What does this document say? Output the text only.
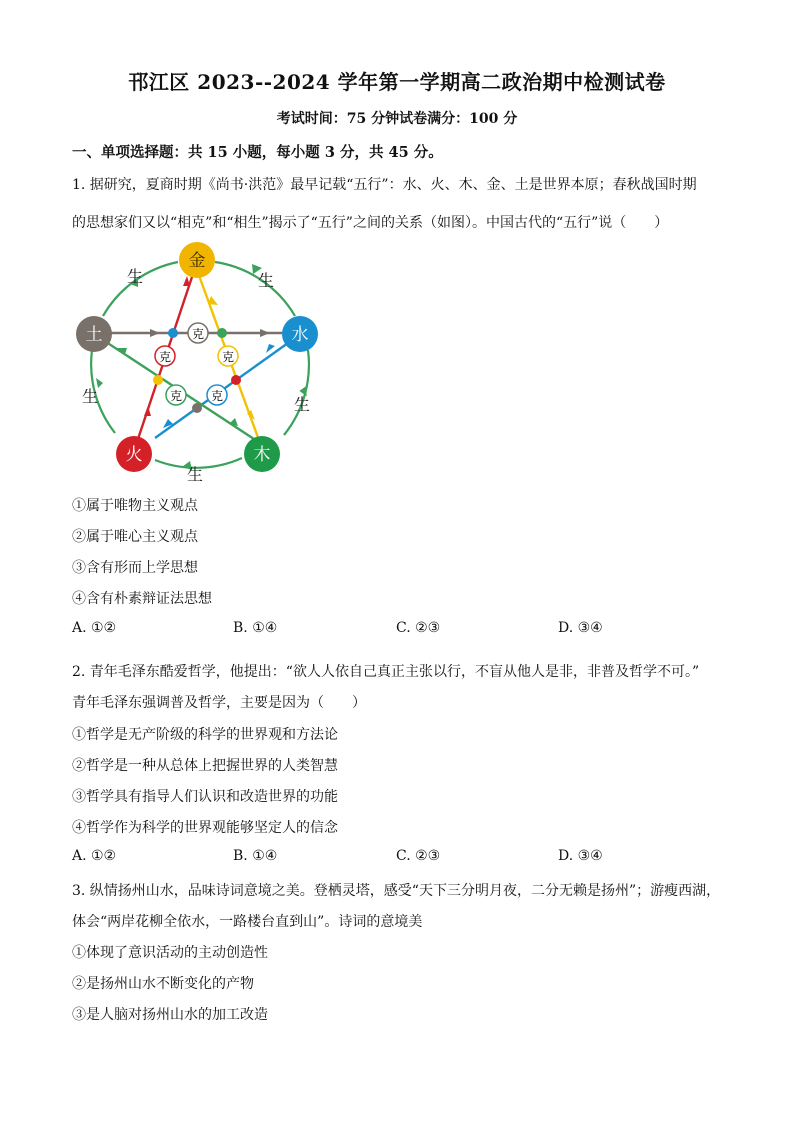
邗江区 2023--2024 学年第一学期高二政治期中检测试卷
考试时间：75 分钟试卷满分：100 分
一、单项选择题：共 15 小题，每小题 3 分，共 45 分。
1. 据研究，夏商时期《尚书·洪范》最早记载“五行”：水、火、木、金、土是世界本原；春秋战国时期
的思想家们又以“相克”和“相生”揭示了“五行”之间的关系（如图）。中国古代的“五行”说（　　）
克
克	克
克 克
生	生
生
生
生
金
水
木
火
土
①属于唯物主义观点
②属于唯心主义观点
③含有形而上学思想
④含有朴素辩证法思想
A. ①②	B. ①④	C. ②③	D. ③④
2. 青年毛泽东酷爱哲学，他提出：“欲人人依自己真正主张以行，不盲从他人是非，非普及哲学不可。”
青年毛泽东强调普及哲学，主要是因为（　　）
①哲学是无产阶级的科学的世界观和方法论
②哲学是一种从总体上把握世界的人类智慧
③哲学具有指导人们认识和改造世界的功能
④哲学作为科学的世界观能够坚定人的信念
A. ①②	B. ①④	C. ②③	D. ③④
3. 纵情扬州山水，品味诗词意境之美。登栖灵塔，感受“天下三分明月夜，二分无赖是扬州”；游瘦西湖，
体会“两岸花柳全依水，一路楼台直到山”。诗词的意境美
①体现了意识活动的主动创造性
②是扬州山水不断变化的产物
③是人脑对扬州山水的加工改造
